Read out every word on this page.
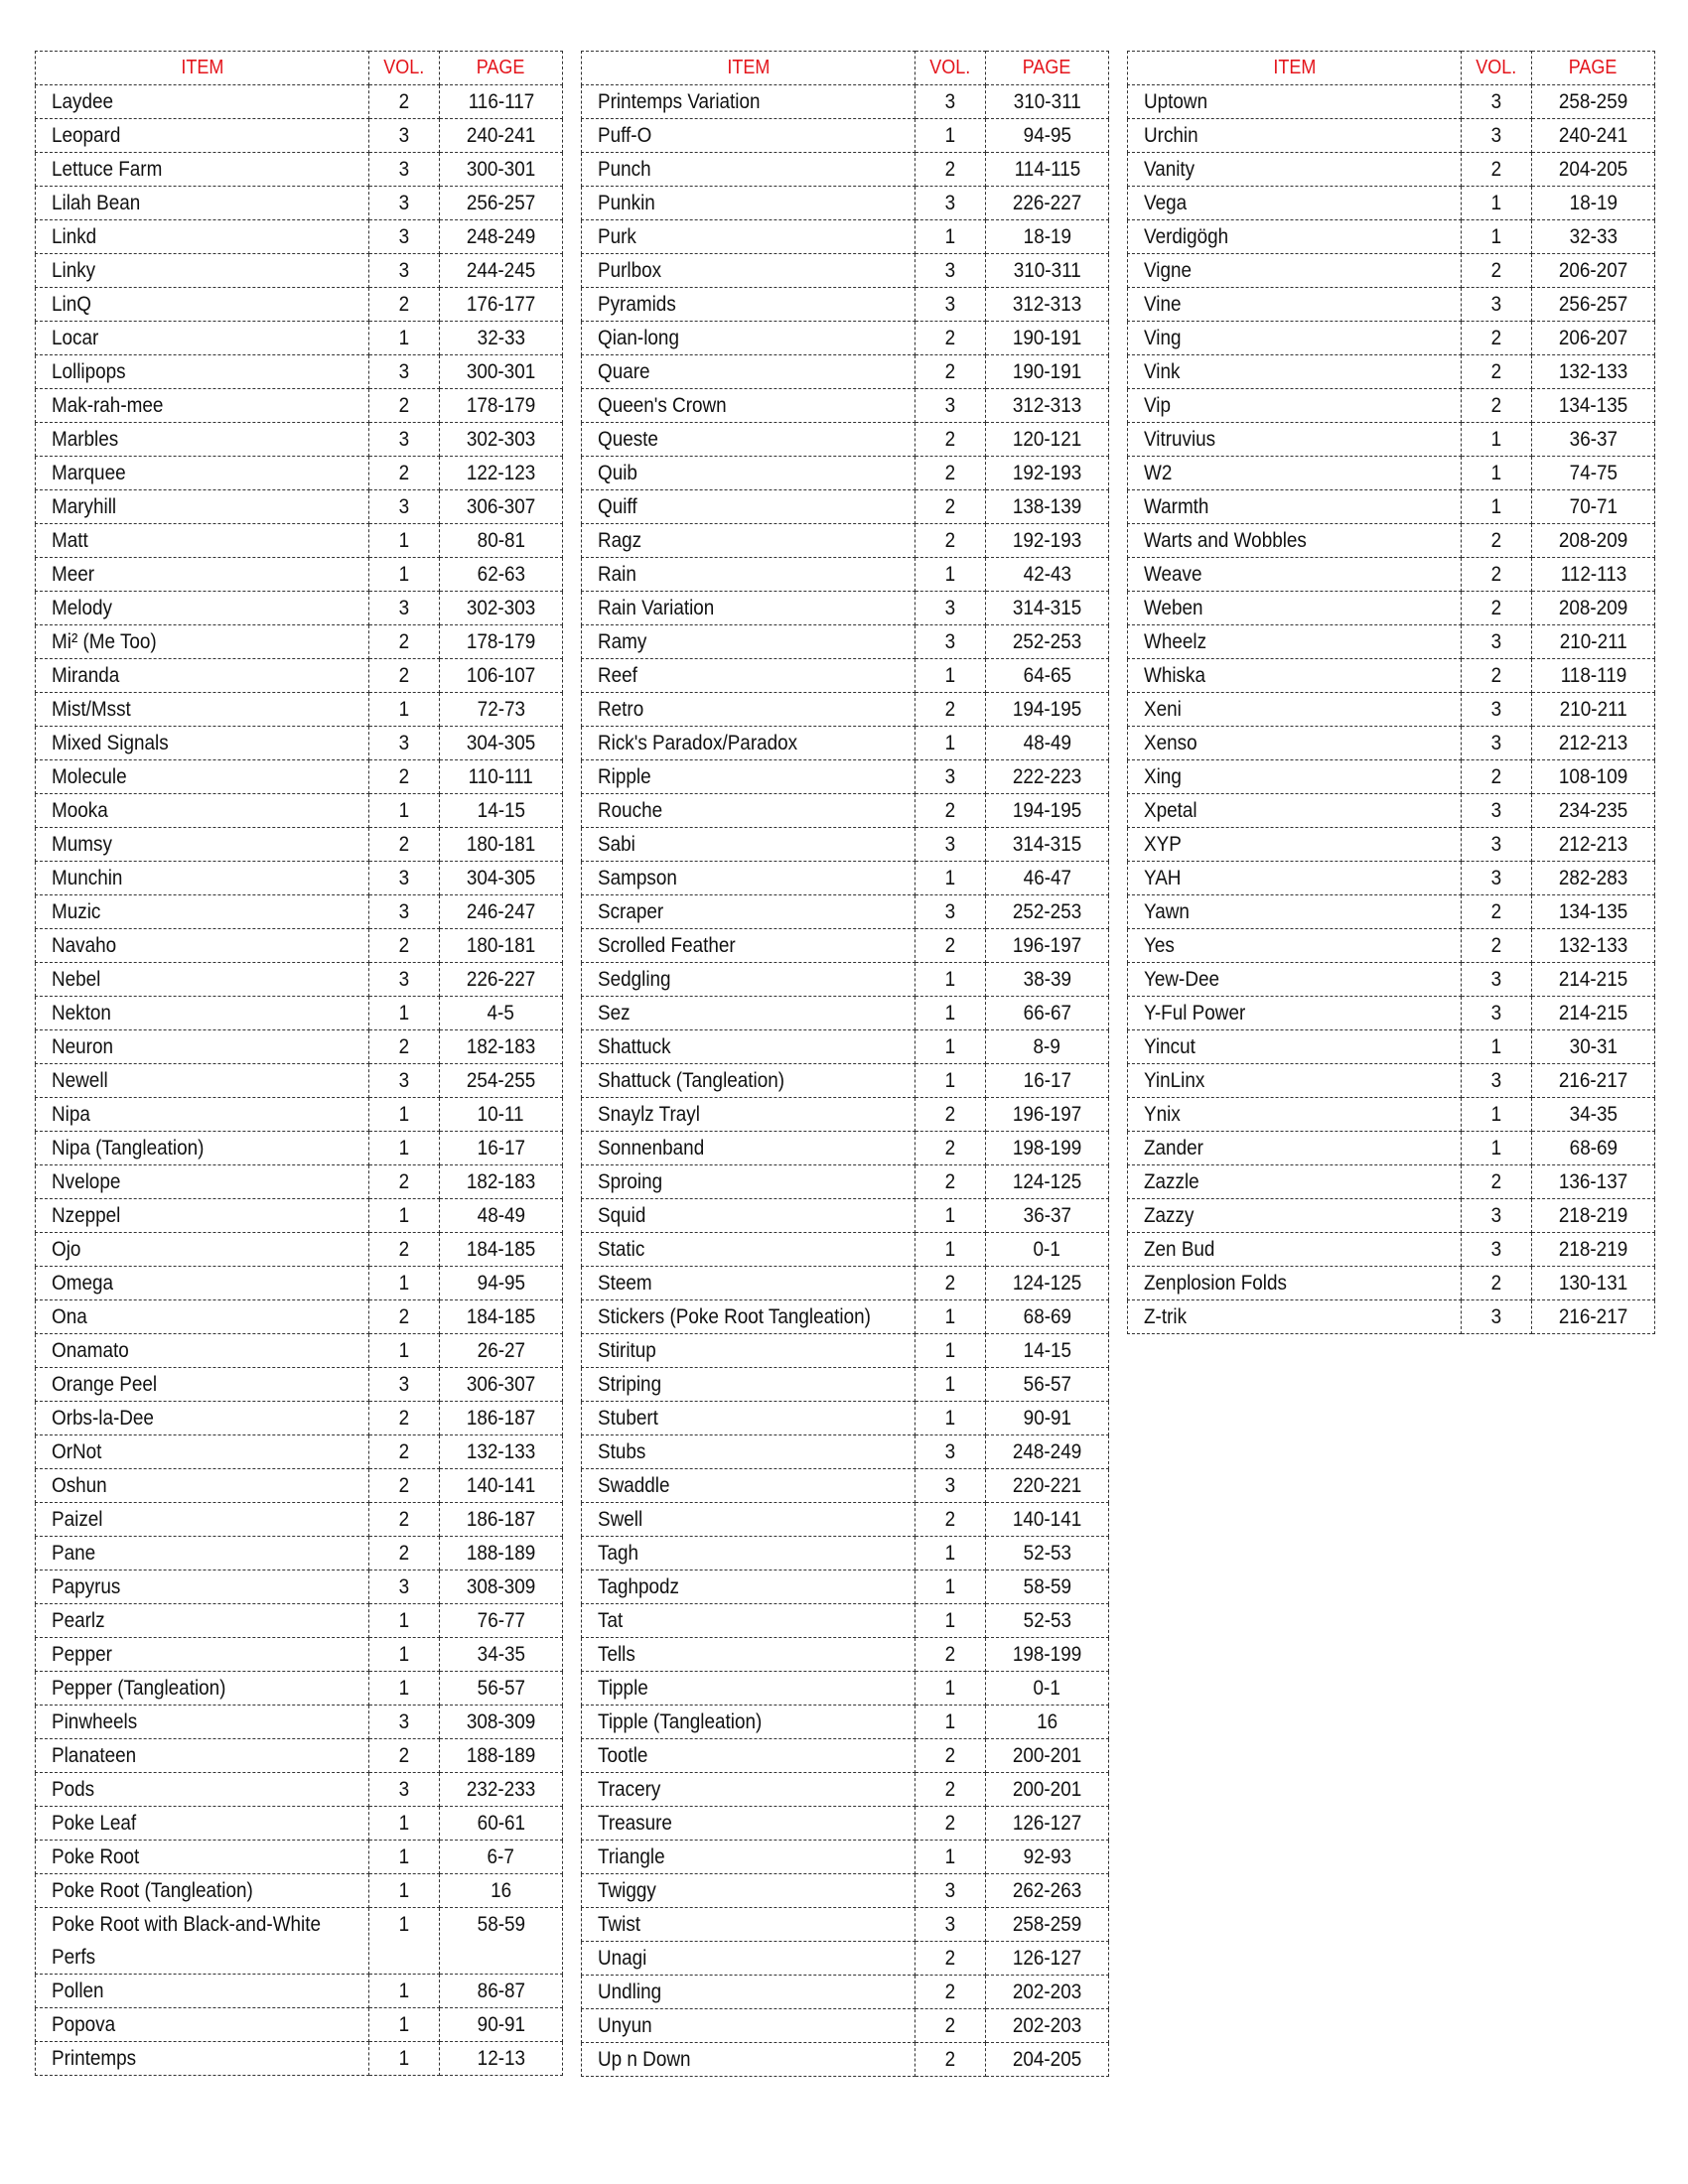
ITEM	VOL.	PAGE
Laydee	2	116-117
Leopard	3	240-241
Lettuce Farm	3	300-301
Lilah Bean	3	256-257
Linkd	3	248-249
Linky	3	244-245
LinQ	2	176-177
Locar	1	32-33
Lollipops	3	300-301
Mak-rah-mee	2	178-179
Marbles	3	302-303
Marquee	2	122-123
Maryhill	3	306-307
Matt	1	80-81
Meer	1	62-63
Melody	3	302-303
Mi² (Me Too)	2	178-179
Miranda	2	106-107
Mist/Msst	1	72-73
Mixed Signals	3	304-305
Molecule	2	110-111
Mooka	1	14-15
Mumsy	2	180-181
Munchin	3	304-305
Muzic	3	246-247
Navaho	2	180-181
Nebel	3	226-227
Nekton	1	4-5
Neuron	2	182-183
Newell	3	254-255
Nipa	1	10-11
Nipa (Tangleation)	1	16-17
Nvelope	2	182-183
Nzeppel	1	48-49
Ojo	2	184-185
Omega	1	94-95
Ona	2	184-185
Onamato	1	26-27
Orange Peel	3	306-307
Orbs-la-Dee	2	186-187
OrNot	2	132-133
Oshun	2	140-141
Paizel	2	186-187
Pane	2	188-189
Papyrus	3	308-309
Pearlz	1	76-77
Pepper	1	34-35
Pepper (Tangleation)	1	56-57
Pinwheels	3	308-309
Planateen	2	188-189
Pods	3	232-233
Poke Leaf	1	60-61
Poke Root	1	6-7
Poke Root (Tangleation)	1	16
Poke Root with Black-and-White Perfs	1	58-59
Pollen	1	86-87
Popova	1	90-91
Printemps	1	12-13
ITEM	VOL.	PAGE
Printemps Variation	3	310-311
Puff-O	1	94-95
Punch	2	114-115
Punkin	3	226-227
Purk	1	18-19
Purlbox	3	310-311
Pyramids	3	312-313
Qian-long	2	190-191
Quare	2	190-191
Queen's Crown	3	312-313
Queste	2	120-121
Quib	2	192-193
Quiff	2	138-139
Ragz	2	192-193
Rain	1	42-43
Rain Variation	3	314-315
Ramy	3	252-253
Reef	1	64-65
Retro	2	194-195
Rick's Paradox/Paradox	1	48-49
Ripple	3	222-223
Rouche	2	194-195
Sabi	3	314-315
Sampson	1	46-47
Scraper	3	252-253
Scrolled Feather	2	196-197
Sedgling	1	38-39
Sez	1	66-67
Shattuck	1	8-9
Shattuck (Tangleation)	1	16-17
Snaylz Trayl	2	196-197
Sonnenband	2	198-199
Sproing	2	124-125
Squid	1	36-37
Static	1	0-1
Steem	2	124-125
Stickers (Poke Root Tangleation)	1	68-69
Stiritup	1	14-15
Striping	1	56-57
Stubert	1	90-91
Stubs	3	248-249
Swaddle	3	220-221
Swell	2	140-141
Tagh	1	52-53
Taghpodz	1	58-59
Tat	1	52-53
Tells	2	198-199
Tipple	1	0-1
Tipple (Tangleation)	1	16
Tootle	2	200-201
Tracery	2	200-201
Treasure	2	126-127
Triangle	1	92-93
Twiggy	3	262-263
Twist	3	258-259
Unagi	2	126-127
Undling	2	202-203
Unyun	2	202-203
Up n Down	2	204-205
ITEM	VOL.	PAGE
Uptown	3	258-259
Urchin	3	240-241
Vanity	2	204-205
Vega	1	18-19
Verdigögh	1	32-33
Vigne	2	206-207
Vine	3	256-257
Ving	2	206-207
Vink	2	132-133
Vip	2	134-135
Vitruvius	1	36-37
W2	1	74-75
Warmth	1	70-71
Warts and Wobbles	2	208-209
Weave	2	112-113
Weben	2	208-209
Wheelz	3	210-211
Whiska	2	118-119
Xeni	3	210-211
Xenso	3	212-213
Xing	2	108-109
Xpetal	3	234-235
XYP	3	212-213
YAH	3	282-283
Yawn	2	134-135
Yes	2	132-133
Yew-Dee	3	214-215
Y-Ful Power	3	214-215
Yincut	1	30-31
YinLinx	3	216-217
Ynix	1	34-35
Zander	1	68-69
Zazzle	2	136-137
Zazzy	3	218-219
Zen Bud	3	218-219
Zenplosion Folds	2	130-131
Z-trik	3	216-217
